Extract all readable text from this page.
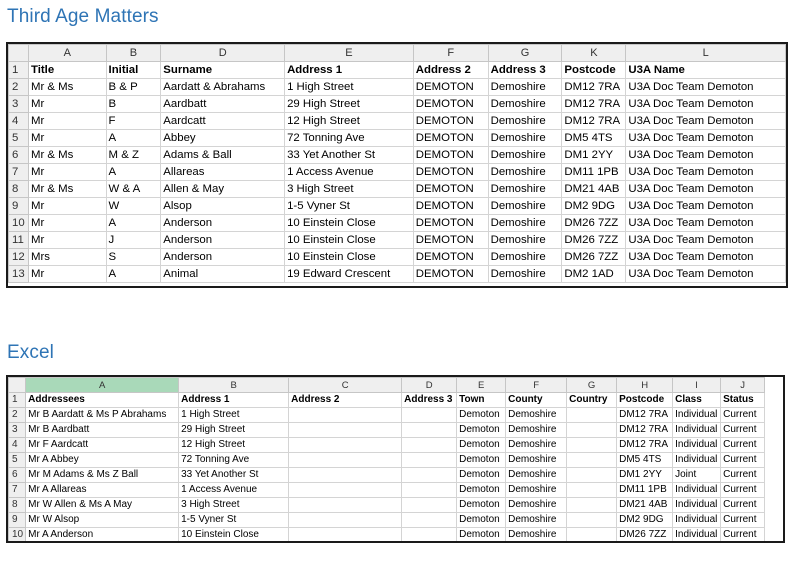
Third Age Matters
	A	B	D	E	F	G	K	L
1	Title	Initial	Surname	Address 1	Address 2	Address 3	Postcode	U3A Name
2	Mr & Ms	B & P	Aardatt & Abrahams	1 High Street	DEMOTON	Demoshire	DM12 7RA	U3A Doc Team Demoton
3	Mr	B	Aardbatt	29 High Street	DEMOTON	Demoshire	DM12 7RA	U3A Doc Team Demoton
4	Mr	F	Aardcatt	12 High Street	DEMOTON	Demoshire	DM12 7RA	U3A Doc Team Demoton
5	Mr	A	Abbey	72 Tonning Ave	DEMOTON	Demoshire	DM5 4TS	U3A Doc Team Demoton
6	Mr & Ms	M & Z	Adams & Ball	33 Yet Another St	DEMOTON	Demoshire	DM1 2YY	U3A Doc Team Demoton
7	Mr	A	Allareas	1 Access Avenue	DEMOTON	Demoshire	DM11 1PB	U3A Doc Team Demoton
8	Mr & Ms	W & A	Allen & May	3 High Street	DEMOTON	Demoshire	DM21 4AB	U3A Doc Team Demoton
9	Mr	W	Alsop	1-5 Vyner St	DEMOTON	Demoshire	DM2 9DG	U3A Doc Team Demoton
10	Mr	A	Anderson	10 Einstein Close	DEMOTON	Demoshire	DM26 7ZZ	U3A Doc Team Demoton
11	Mr	J	Anderson	10 Einstein Close	DEMOTON	Demoshire	DM26 7ZZ	U3A Doc Team Demoton
12	Mrs	S	Anderson	10 Einstein Close	DEMOTON	Demoshire	DM26 7ZZ	U3A Doc Team Demoton
13	Mr	A	Animal	19 Edward Crescent	DEMOTON	Demoshire	DM2 1AD	U3A Doc Team Demoton
Excel
	A	B	C	D	E	F	G	H	I	J
1	Addressees	Address 1	Address 2	Address 3	Town	County	Country	Postcode	Class	Status
2	Mr B Aardatt & Ms P Abrahams	1 High Street			Demoton	Demoshire		DM12 7RA	Individual	Current
3	Mr B Aardbatt	29 High Street			Demoton	Demoshire		DM12 7RA	Individual	Current
4	Mr F Aardcatt	12 High Street			Demoton	Demoshire		DM12 7RA	Individual	Current
5	Mr A Abbey	72 Tonning Ave			Demoton	Demoshire		DM5 4TS	Individual	Current
6	Mr M Adams & Ms Z Ball	33 Yet Another St			Demoton	Demoshire		DM1 2YY	Joint	Current
7	Mr A Allareas	1 Access Avenue			Demoton	Demoshire		DM11 1PB	Individual	Current
8	Mr W Allen & Ms A May	3 High Street			Demoton	Demoshire		DM21 4AB	Individual	Current
9	Mr W Alsop	1-5 Vyner St			Demoton	Demoshire		DM2 9DG	Individual	Current
10	Mr A Anderson	10 Einstein Close			Demoton	Demoshire		DM26 7ZZ	Individual	Current
